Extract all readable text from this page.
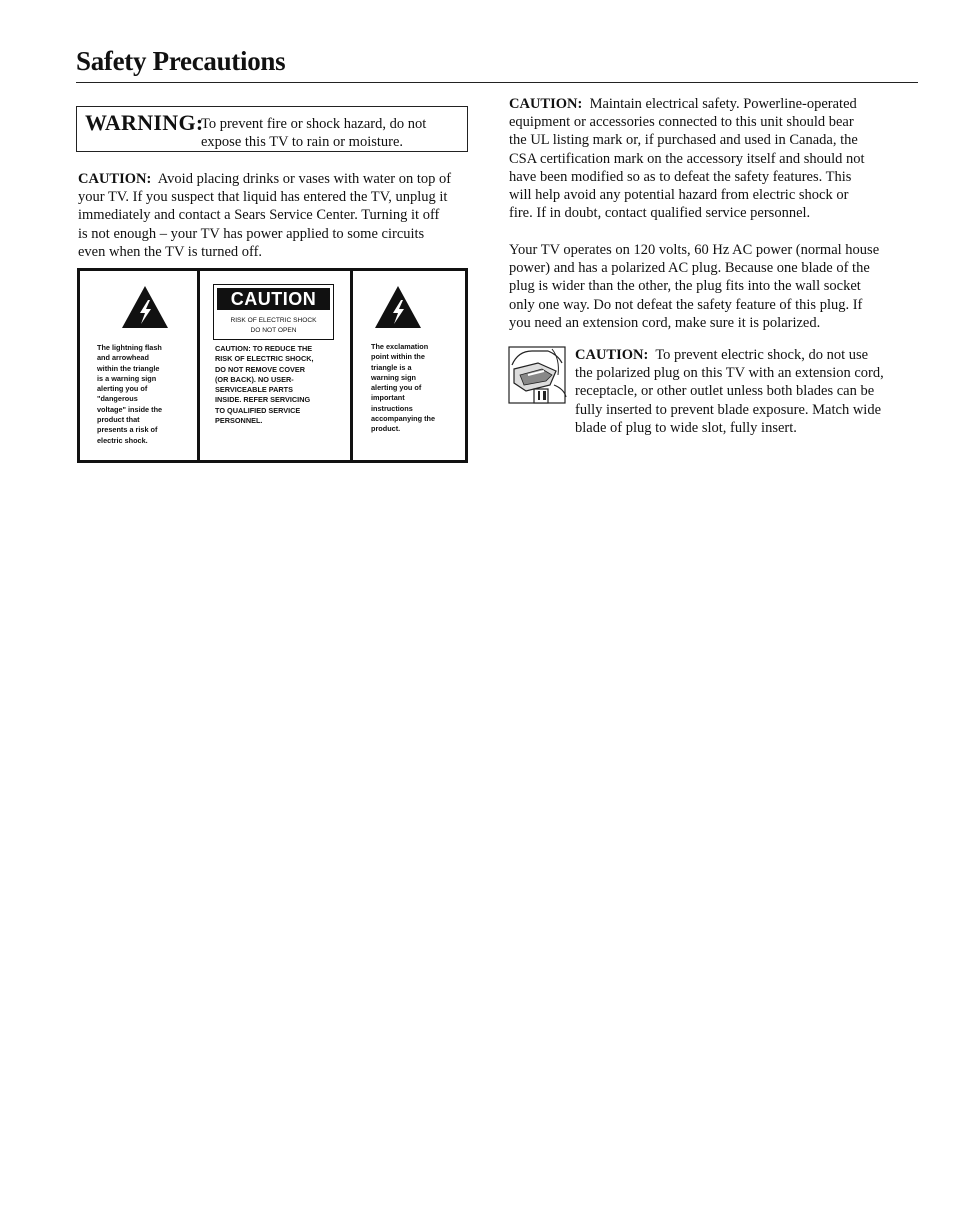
Safety Precautions
WARNING:
To prevent fire or shock hazard, do not
expose this TV to rain or moisture.

CAUTION: Avoid placing drinks or vases with water on top of
your TV. If you suspect that liquid has entered the TV, unplug it
immediately and contact a Sears Service Center. Turning it off
is not enough – your TV has power applied to some circuits
even when the TV is turned off.

The lightning flash
and arrowhead
within the triangle
is a warning sign
alerting you of
"dangerous
voltage" inside the
product that
presents a risk of
electric shock.

CAUTION
RISK OF ELECTRIC SHOCK
DO NOT OPEN

CAUTION: TO REDUCE THE
RISK OF ELECTRIC SHOCK,
DO NOT REMOVE COVER
(OR BACK). NO USER-
SERVICEABLE PARTS
INSIDE. REFER SERVICING
TO QUALIFIED SERVICE
PERSONNEL.

The exclamation
point within the
triangle is a
warning sign
alerting you of
important
instructions
accompanying the
product.

CAUTION: Maintain electrical safety. Powerline-operated
equipment or accessories connected to this unit should bear
the UL listing mark or, if purchased and used in Canada, the
CSA certification mark on the accessory itself and should not
have been modified so as to defeat the safety features. This
will help avoid any potential hazard from electric shock or
fire. If in doubt, contact qualified service personnel.

Your TV operates on 120 volts, 60 Hz AC power (normal house
power) and has a polarized AC plug. Because one blade of the
plug is wider than the other, the plug fits into the wall socket
only one way. Do not defeat the safety feature of this plug. If
you need an extension cord, make sure it is polarized.

CAUTION: To prevent electric shock, do not use
the polarized plug on this TV with an extension cord,
receptacle, or other outlet unless both blades can be
fully inserted to prevent blade exposure. Match wide
blade of plug to wide slot, fully insert.
